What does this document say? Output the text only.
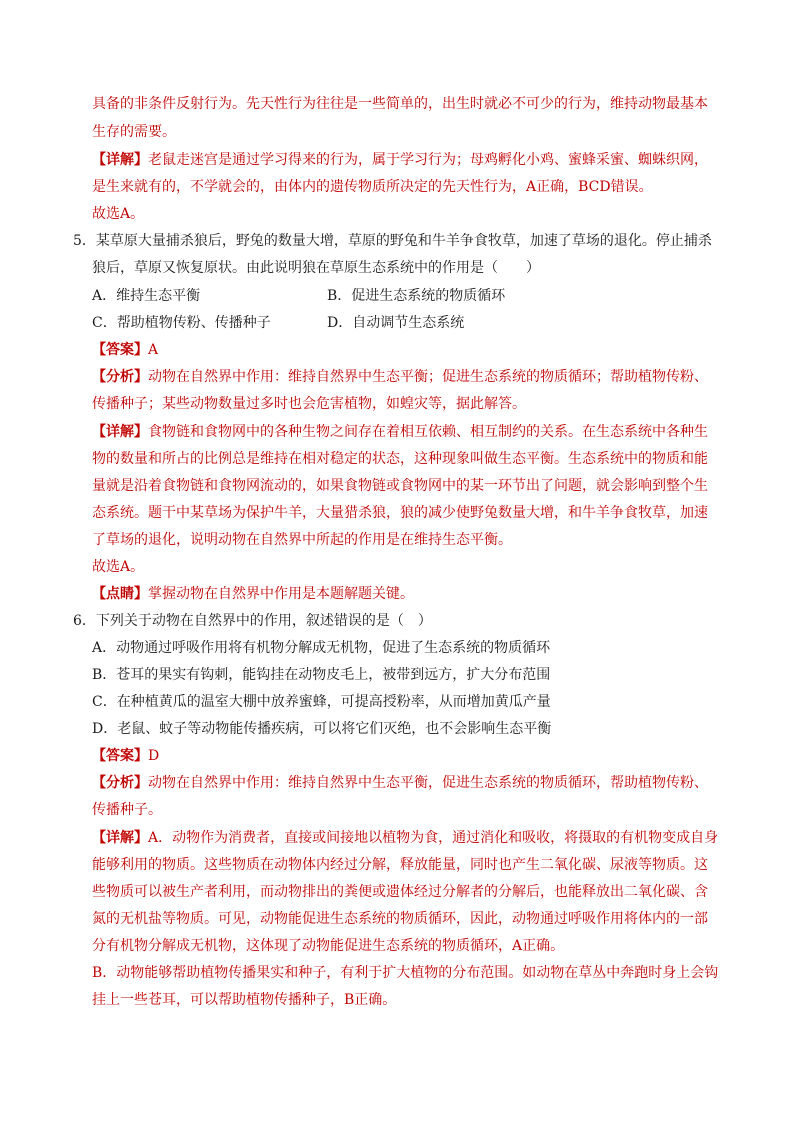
具备的非条件反射行为。先天性行为往往是一些简单的，出生时就必不可少的行为，维持动物最基本
生存的需要。
【详解】老鼠走迷宫是通过学习得来的行为，属于学习行为；母鸡孵化小鸡、蜜蜂采蜜、蜘蛛织网，
是生来就有的，不学就会的，由体内的遗传物质所决定的先天性行为，A正确，BCD错误。
故选A。
5．某草原大量捕杀狼后，野兔的数量大增，草原的野兔和牛羊争食牧草，加速了草场的退化。停止捕杀
狼后，草原又恢复原状。由此说明狼在草原生态系统中的作用是（　　）
A．维持生态平衡	B．促进生态系统的物质循环
C．帮助植物传粉、传播种子	D．自动调节生态系统
【答案】A
【分析】动物在自然界中作用：维持自然界中生态平衡；促进生态系统的物质循环；帮助植物传粉、
传播种子；某些动物数量过多时也会危害植物，如蝗灾等，据此解答。
【详解】食物链和食物网中的各种生物之间存在着相互依赖、相互制约的关系。在生态系统中各种生
物的数量和所占的比例总是维持在相对稳定的状态，这种现象叫做生态平衡。生态系统中的物质和能
量就是沿着食物链和食物网流动的，如果食物链或食物网中的某一环节出了问题，就会影响到整个生
态系统。题干中某草场为保护牛羊，大量猎杀狼，狼的减少使野兔数量大增，和牛羊争食牧草，加速
了草场的退化，说明动物在自然界中所起的作用是在维持生态平衡。
故选A。
【点睛】掌握动物在自然界中作用是本题解题关键。
6．下列关于动物在自然界中的作用，叙述错误的是（　）
A．动物通过呼吸作用将有机物分解成无机物，促进了生态系统的物质循环
B．苍耳的果实有钩刺，能钩挂在动物皮毛上，被带到远方，扩大分布范围
C．在种植黄瓜的温室大棚中放养蜜蜂，可提高授粉率，从而增加黄瓜产量
D．老鼠、蚊子等动物能传播疾病，可以将它们灭绝，也不会影响生态平衡
【答案】D
【分析】动物在自然界中作用：维持自然界中生态平衡，促进生态系统的物质循环，帮助植物传粉、
传播种子。
【详解】A．动物作为消费者，直接或间接地以植物为食，通过消化和吸收，将摄取的有机物变成自身
能够利用的物质。这些物质在动物体内经过分解，释放能量，同时也产生二氧化碳、尿液等物质。这
些物质可以被生产者利用，而动物排出的粪便或遗体经过分解者的分解后，也能释放出二氧化碳、含
氮的无机盐等物质。可见，动物能促进生态系统的物质循环，因此，动物通过呼吸作用将体内的一部
分有机物分解成无机物，这体现了动物能促进生态系统的物质循环，A正确。
B．动物能够帮助植物传播果实和种子，有利于扩大植物的分布范围。如动物在草丛中奔跑时身上会钩
挂上一些苍耳，可以帮助植物传播种子，B正确。
